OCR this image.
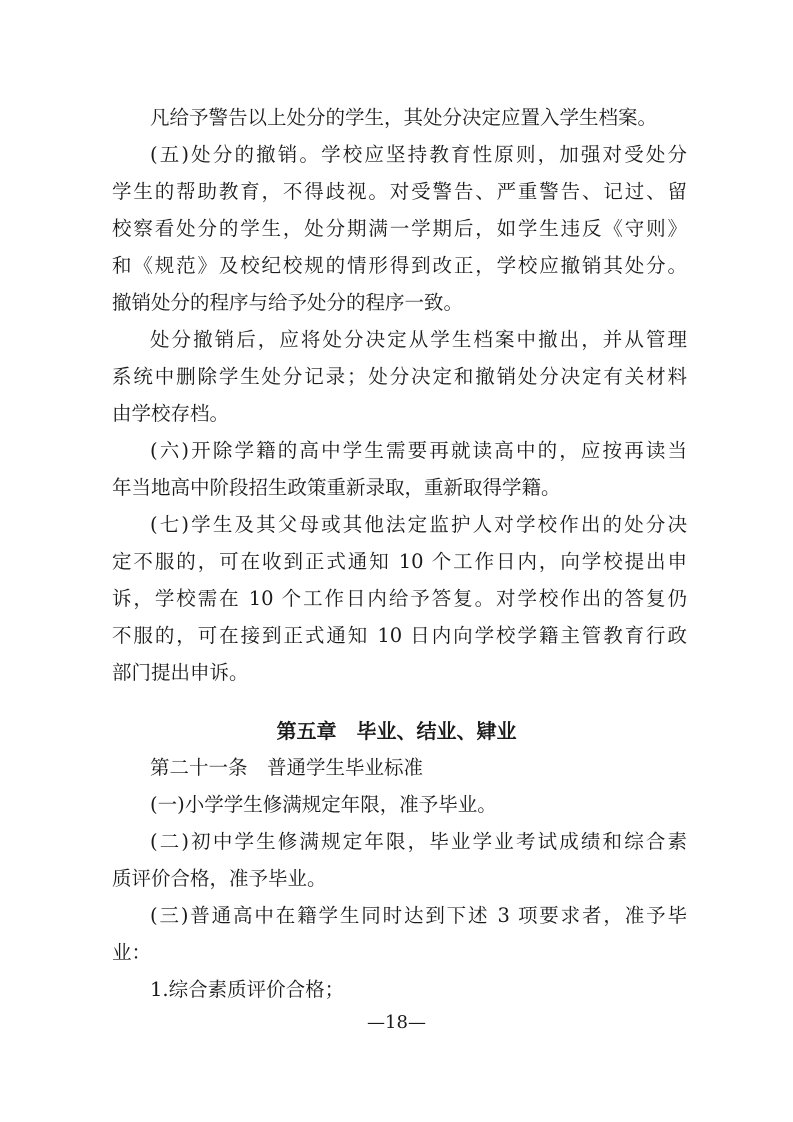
凡给予警告以上处分的学生，其处分决定应置入学生档案。
(五)处分的撤销。学校应坚持教育性原则，加强对受处分
学生的帮助教育，不得歧视。对受警告、严重警告、记过、留
校察看处分的学生，处分期满一学期后，如学生违反《守则》
和《规范》及校纪校规的情形得到改正，学校应撤销其处分。
撤销处分的程序与给予处分的程序一致。
处分撤销后，应将处分决定从学生档案中撤出，并从管理
系统中删除学生处分记录；处分决定和撤销处分决定有关材料
由学校存档。
(六)开除学籍的高中学生需要再就读高中的，应按再读当
年当地高中阶段招生政策重新录取，重新取得学籍。
(七)学生及其父母或其他法定监护人对学校作出的处分决
定不服的，可在收到正式通知 10 个工作日内，向学校提出申
诉，学校需在 10 个工作日内给予答复。对学校作出的答复仍
不服的，可在接到正式通知 10 日内向学校学籍主管教育行政
部门提出申诉。
第五章　毕业、结业、肄业
第二十一条　普通学生毕业标准
(一)小学学生修满规定年限，准予毕业。
(二)初中学生修满规定年限，毕业学业考试成绩和综合素
质评价合格，准予毕业。
(三)普通高中在籍学生同时达到下述 3 项要求者，准予毕
业：
1.综合素质评价合格；
—18—
